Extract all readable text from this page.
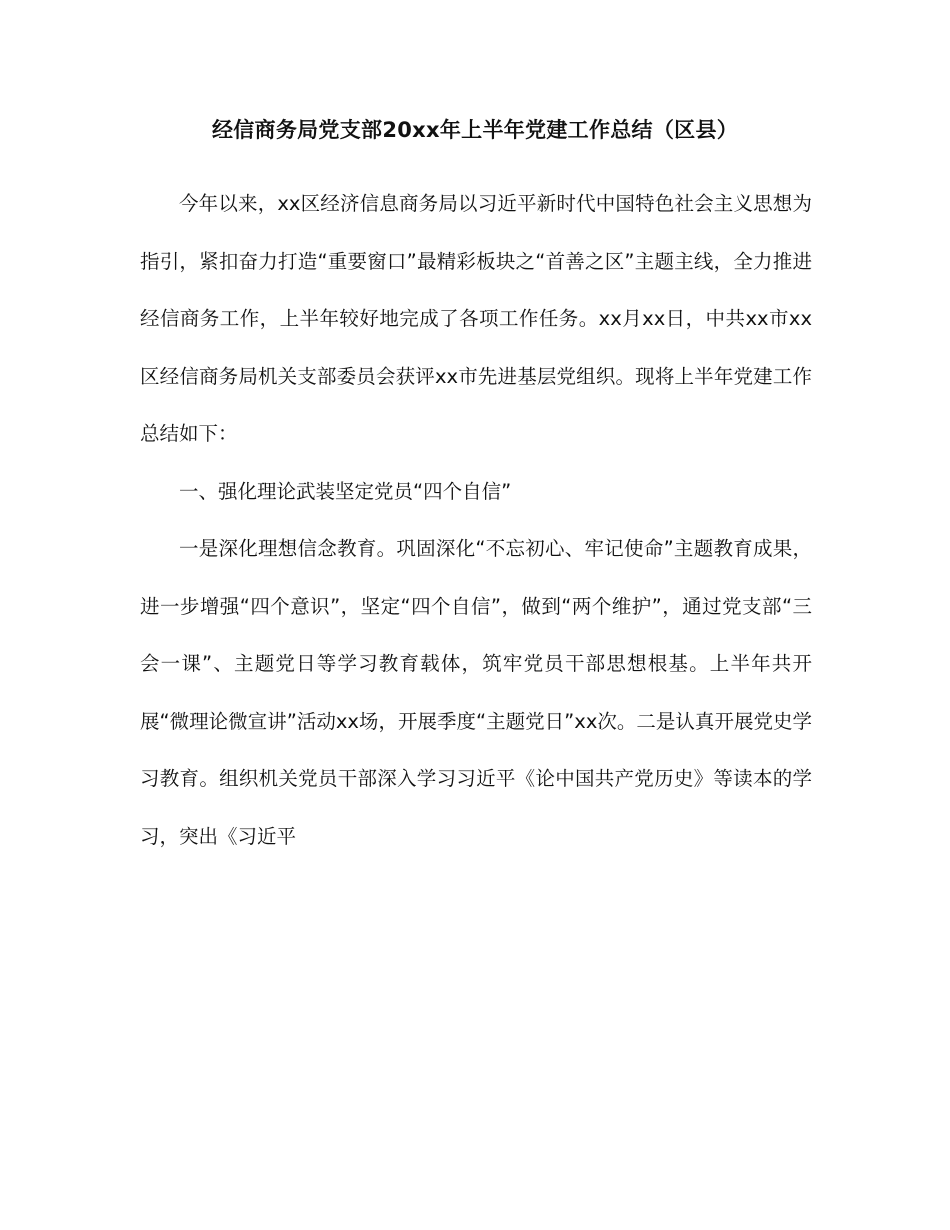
经信商务局党支部20xx年上半年党建工作总结（区县）

今年以来，xx区经济信息商务局以习近平新时代中国特色社会主义思想为指引，紧扣奋力打造“重要窗口”最精彩板块之“首善之区”主题主线，全力推进经信商务工作，上半年较好地完成了各项工作任务。xx月xx日，中共xx市xx区经信商务局机关支部委员会获评xx市先进基层党组织。现将上半年党建工作总结如下：

一、强化理论武装坚定党员“四个自信”

一是深化理想信念教育。巩固深化“不忘初心、牢记使命”主题教育成果，进一步增强“四个意识”，坚定“四个自信”，做到“两个维护”，通过党支部“三会一课”、主题党日等学习教育载体，筑牢党员干部思想根基。上半年共开展“微理论微宣讲”活动xx场，开展季度“主题党日”xx次。二是认真开展党史学习教育。组织机关党员干部深入学习习近平《论中国共产党历史》等读本的学习，突出《习近平
